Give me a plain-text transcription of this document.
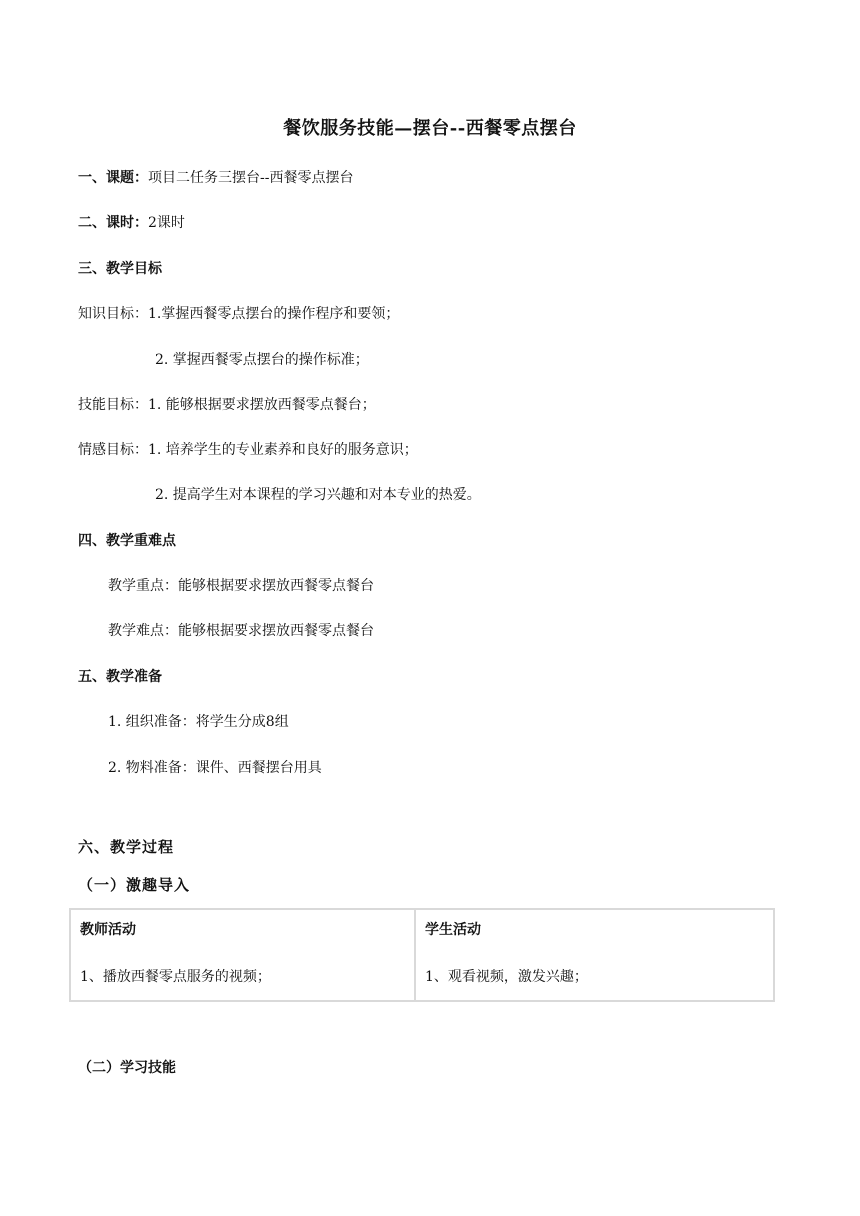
餐饮服务技能—摆台--西餐零点摆台
一、课题：项目二任务三摆台--西餐零点摆台
二、课时：2课时
三、教学目标
知识目标：1.掌握西餐零点摆台的操作程序和要领；
2. 掌握西餐零点摆台的操作标准；
技能目标：1. 能够根据要求摆放西餐零点餐台；
情感目标：1. 培养学生的专业素养和良好的服务意识；
2. 提高学生对本课程的学习兴趣和对本专业的热爱。
四、教学重难点
教学重点：能够根据要求摆放西餐零点餐台
教学难点：能够根据要求摆放西餐零点餐台
五、教学准备
1. 组织准备：将学生分成8组
2. 物料准备：课件、西餐摆台用具
六、教学过程
（一）激趣导入
教师活动
1、播放西餐零点服务的视频；
学生活动
1、观看视频，激发兴趣；
（二）学习技能
